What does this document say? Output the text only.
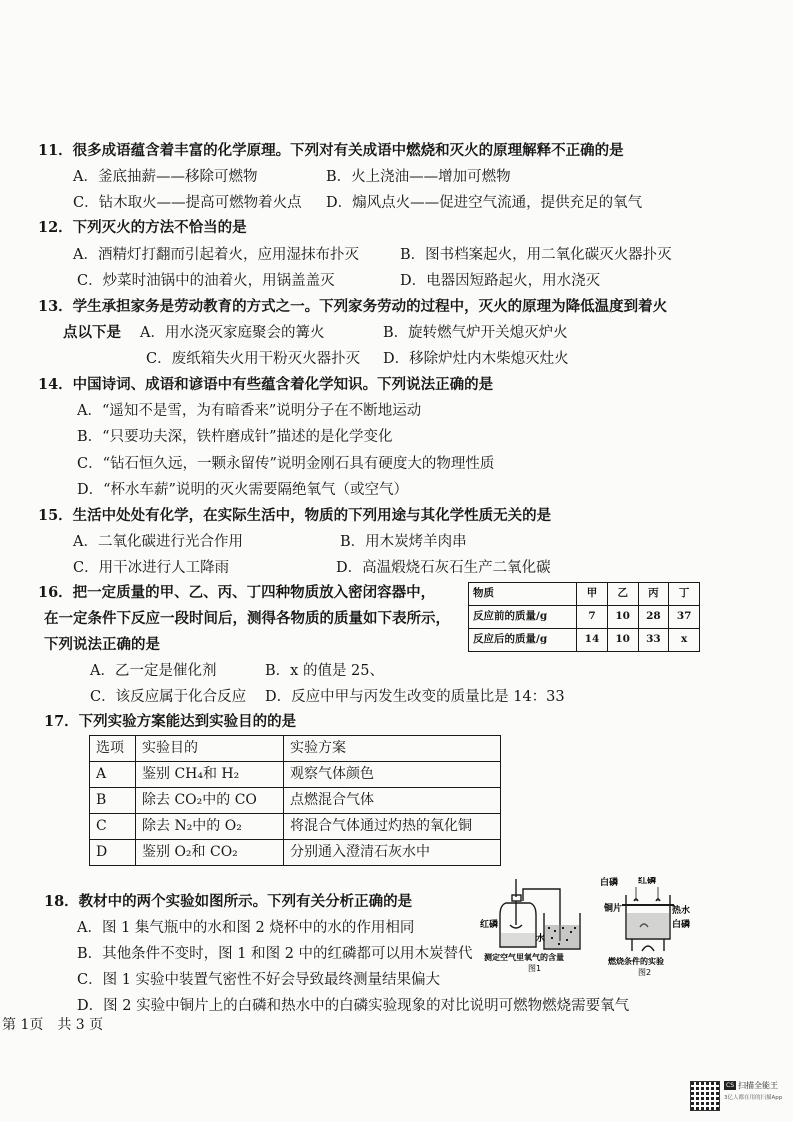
11．很多成语蕴含着丰富的化学原理。下列对有关成语中燃烧和灭火的原理解释不正确的是
A．釜底抽薪——移除可燃物	B．火上浇油——增加可燃物
C．钻木取火——提高可燃物着火点 D．煽风点火——促进空气流通，提供充足的氧气
12．下列灭火的方法不恰当的是
A．酒精灯打翻而引起着火，应用湿抹布扑灭	B．图书档案起火，用二氧化碳灭火器扑灭
C．炒菜时油锅中的油着火，用锅盖盖灭	D．电器因短路起火，用水浇灭
13．学生承担家务是劳动教育的方式之一。下列家务劳动的过程中，灭火的原理为降低温度到着火
点以下是 A．用水浇灭家庭聚会的篝火	B．旋转燃气炉开关熄灭炉火
C．废纸箱失火用干粉灭火器扑灭 D．移除炉灶内木柴熄灭灶火
14．中国诗词、成语和谚语中有些蕴含着化学知识。下列说法正确的是
A．“遥知不是雪，为有暗香来”说明分子在不断地运动
B．“只要功夫深，铁杵磨成针”描述的是化学变化
C．“钻石恒久远，一颗永留传”说明金刚石具有硬度大的物理性质
D．“杯水车薪”说明的灭火需要隔绝氧气（或空气）
15．生活中处处有化学，在实际生活中，物质的下列用途与其化学性质无关的是
A．二氧化碳进行光合作用	B．用木炭烤羊肉串
C．用干冰进行人工降雨	D．高温煅烧石灰石生产二氧化碳
16．把一定质量的甲、乙、丙、丁四种物质放入密闭容器中，
在一定条件下反应一段时间后，测得各物质的质量如下表所示，
下列说法正确的是
物质	甲	乙	丙	丁
反应前的质量/g	7	10	28	37
反应后的质量/g	14	10	33	x
A．乙一定是催化剂	B．x 的值是 25、
C．该反应属于化合反应 D．反应中甲与丙发生改变的质量比是 14：33
17．下列实验方案能达到实验目的的是
选项	实验目的	实验方案
A	鉴别 CH₄和 H₂	观察气体颜色
B	除去 CO₂中的 CO	点燃混合气体
C	除去 N₂中的 O₂	将混合气体通过灼热的氧化铜
D	鉴别 O₂和 CO₂	分别通入澄清石灰水中
18．教材中的两个实验如图所示。下列有关分析正确的是
A．图 1 集气瓶中的水和图 2 烧杯中的水的作用相同
B．其他条件不变时，图 1 和图 2 中的红磷都可以用木炭替代
C．图 1 实验中装置气密性不好会导致最终测量结果偏大
D．图 2 实验中铜片上的白磷和热水中的白磷实验现象的对比说明可燃物燃烧需要氧气
红磷
水
测定空气里氧气的含量
图1
白磷 红磷
热水
铜片
白磷
燃烧条件的实验
图2
第 1页　共 3 页
CS 扫描全能王
3亿人都在用的扫描App
